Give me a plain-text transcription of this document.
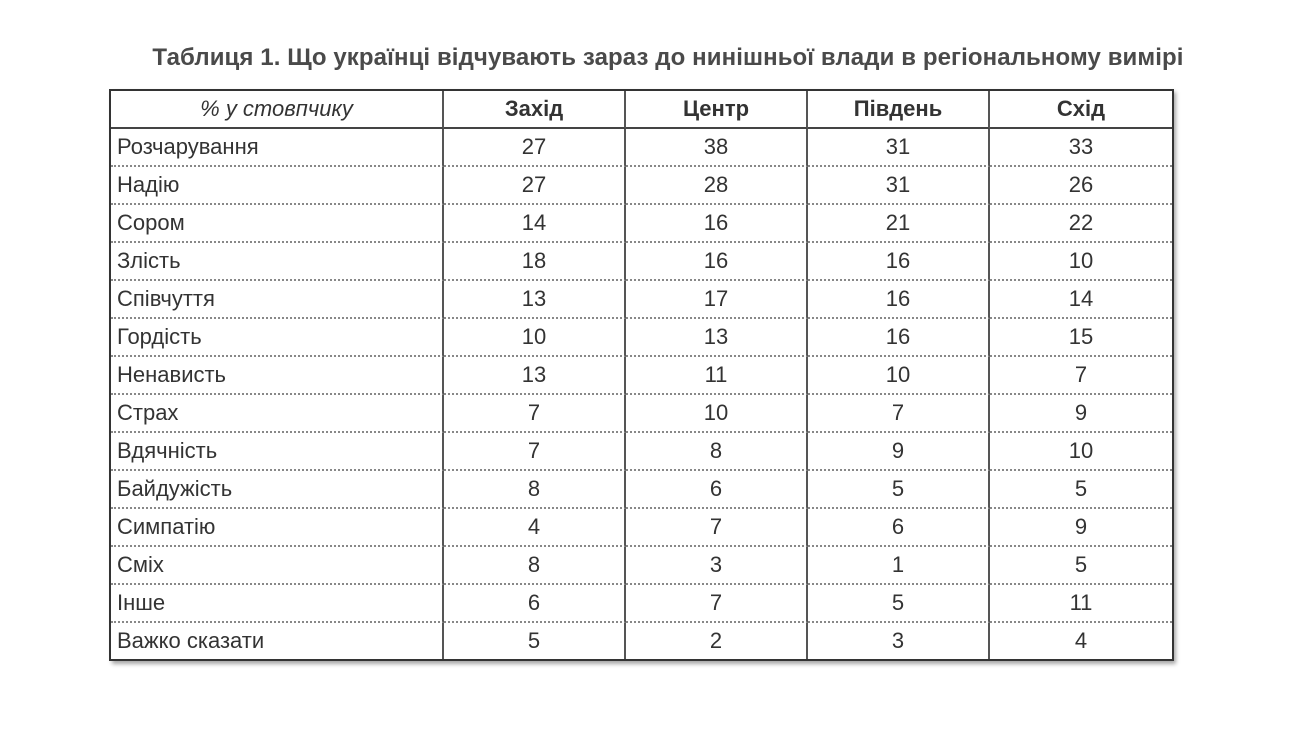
Таблиця 1. Що українці відчувають зараз до нинішньої влади в регіональному вимірі
% у стовпчику	Захід	Центр	Південь	Схід
Розчарування	27	38	31	33
Надію	27	28	31	26
Сором	14	16	21	22
Злість	18	16	16	10
Співчуття	13	17	16	14
Гордість	10	13	16	15
Ненависть	13	11	10	7
Страх	7	10	7	9
Вдячність	7	8	9	10
Байдужість	8	6	5	5
Симпатію	4	7	6	9
Сміх	8	3	1	5
Інше	6	7	5	11
Важко сказати	5	2	3	4
